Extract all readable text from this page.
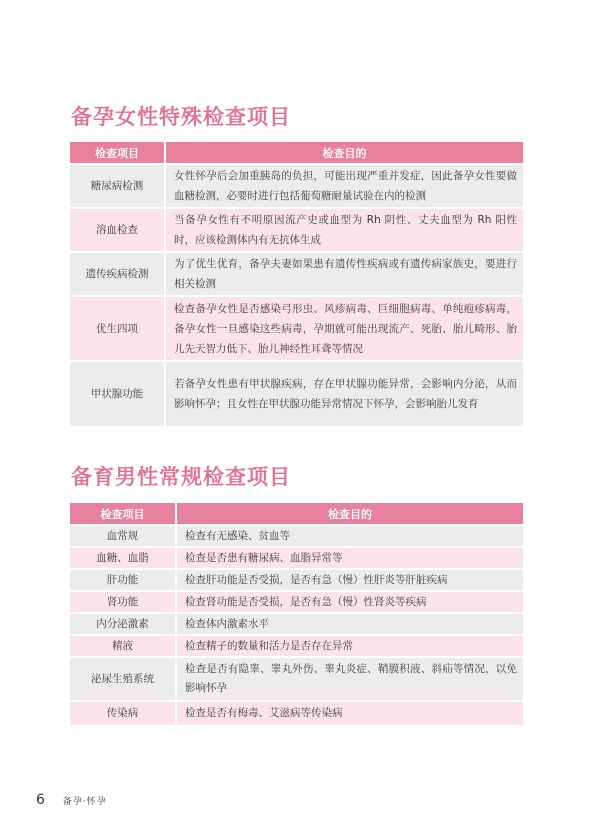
备孕女性特殊检查项目
检查项目	检查目的
糖尿病检测	女性怀孕后会加重胰岛的负担，可能出现严重并发症，因此备孕女性要做血糖检测，必要时进行包括葡萄糖耐量试验在内的检测
溶血检查	当备孕女性有不明原因流产史或血型为 Rh 阴性、丈夫血型为 Rh 阳性时，应该检测体内有无抗体生成
遗传疾病检测	为了优生优育，备孕夫妻如果患有遗传性疾病或有遗传病家族史，要进行相关检测
优生四项	检查备孕女性是否感染弓形虫、风疹病毒、巨细胞病毒、单纯疱疹病毒，备孕女性一旦感染这些病毒，孕期就可能出现流产、死胎、胎儿畸形、胎儿先天智力低下、胎儿神经性耳聋等情况
甲状腺功能	若备孕女性患有甲状腺疾病，存在甲状腺功能异常，会影响内分泌，从而影响怀孕；且女性在甲状腺功能异常情况下怀孕，会影响胎儿发育
备育男性常规检查项目
检查项目	检查目的
血常规	检查有无感染、贫血等
血糖、血脂	检查是否患有糖尿病、血脂异常等
肝功能	检查肝功能是否受损，是否有急（慢）性肝炎等肝脏疾病
肾功能	检查肾功能是否受损，是否有急（慢）性肾炎等疾病
内分泌激素	检查体内激素水平
精液	检查精子的数量和活力是否存在异常
泌尿生殖系统	检查是否有隐睾、睾丸外伤、睾丸炎症、鞘膜积液、斜疝等情况，以免影响怀孕
传染病	检查是否有梅毒、艾滋病等传染病
6 备孕·怀孕
